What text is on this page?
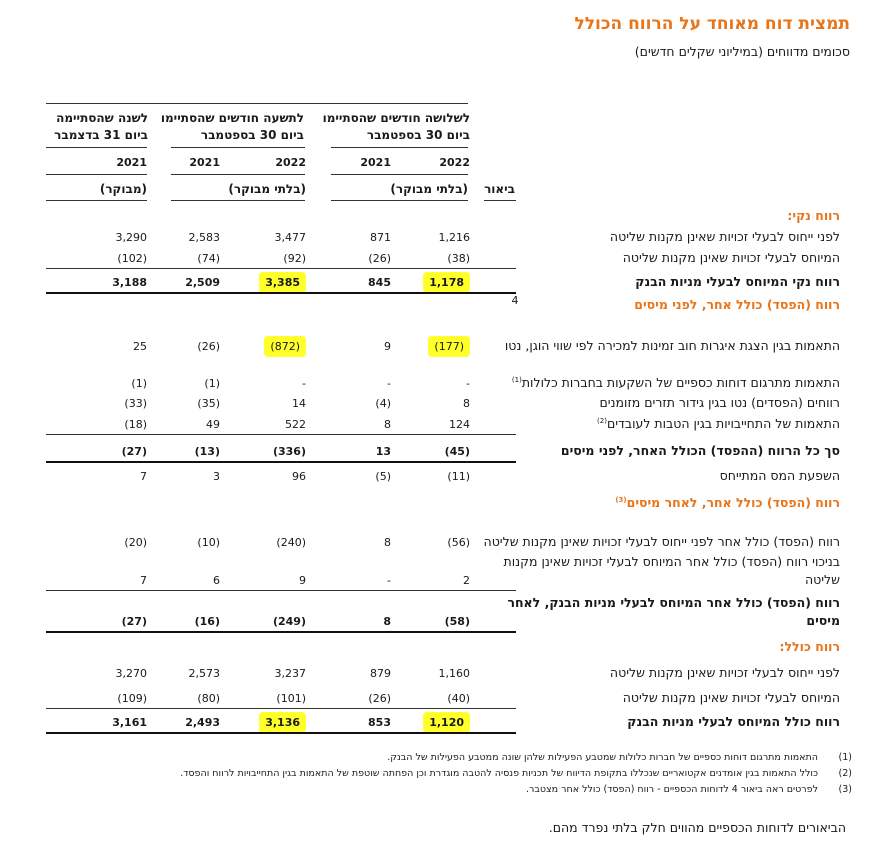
תמצית דוח מאוחד על הרווח הכולל
סכומים מדווחים (במיליוני שקלים חדשים)
לשלושה חודשים שהסתיימו
ביום 30 בספטמבר
לתשעה חודשים שהסתיימו
ביום 30 בספטמבר
לשנה שהסתיימה
ביום 31 בדצמבר
2022
2021
2022
2021
2021
(בלתי מבוקר)
(בלתי מבוקר)
(מבוקר)	ביאור
רווח נקי:
לפני ייחוס לבעלי זכויות שאינן מקנות שליטה
1,216
871
3,477
2,583
3,290
המיוחס לבעלי זכויות שאינן מקנות שליטה
(38)
(26)
(92)
(74)
(102)
רווח נקי המיוחס לבעלי מניות הבנק
1,178
845
3,385
2,509
3,188
רווח (הפסד) כולל אחר, לפני מיסים
4
התאמות בגין הצגת איגרות חוב זמינות למכירה לפי שווי הוגן, נטו
(177)
9
(872)
(26)
25
התאמות מתרגום דוחות כספיים של השקעות בחברות כלולות$^{(1)}$
-
-
-
(1)
(1)
רווחים (הפסדים) נטו בגין גידור תזרים מזומנים
8
(4)
14
(35)
(33)
התאמות של התחייבויות בגין הטבות לעובדים$^{(2)}$
124
8
522
49
(18)
סך כל הרווח (ההפסד) הכולל האחר, לפני מיסים
(45)
13
(336)
(13)
(27)
השפעת המס המתייחס
(11)
(5)
96
3
7
רווח (הפסד) כולל אחר, לאחר מיסים$^{(3)}$
רווח (הפסד) כולל אחר לפני ייחוס לבעלי זכויות שאינן מקנות שליטה
(56)
8
(240)
(10)
(20)
בניכוי רווח (הפסד) כולל אחר המיוחס לבעלי זכויות שאינן מקנות שליטה
2
-
9
6
7
רווח (הפסד) כולל אחר המיוחס לבעלי מניות הבנק, לאחר מיסים
(58)
8
(249)
(16)
(27)
רווח כולל:
לפני ייחוס לבעלי זכויות שאינן מקנות שליטה
1,160
879
3,237
2,573
3,270
המיוחס לבעלי זכויות שאינן מקנות שליטה
(40)
(26)
(101)
(80)
(109)
רווח כולל המיוחס לבעלי מניות הבנק
1,120
853
3,136
2,493
3,161
(1)
התאמות מתרגום דוחות כספיים של חברות כלולות שמטבע הפעילות שלהן שונה ממטבע הפעילות של הבנק.
(2)
כולל התאמות בגין אומדנים אקטואריים שנכללו בתקופת הדיווח של תכניות פנסיה להטבה מוגדרת וכן הפחתה שוטפת של התאמות בגין התחייבויות לרווח והפסד.
(3)
לפרטים ראה ביאור 4 לדוחות הכספיים - רווח (הפסד) כולל אחר מצטבר.
הביאורים לדוחות הכספיים מהווים חלק בלתי נפרד מהם.
